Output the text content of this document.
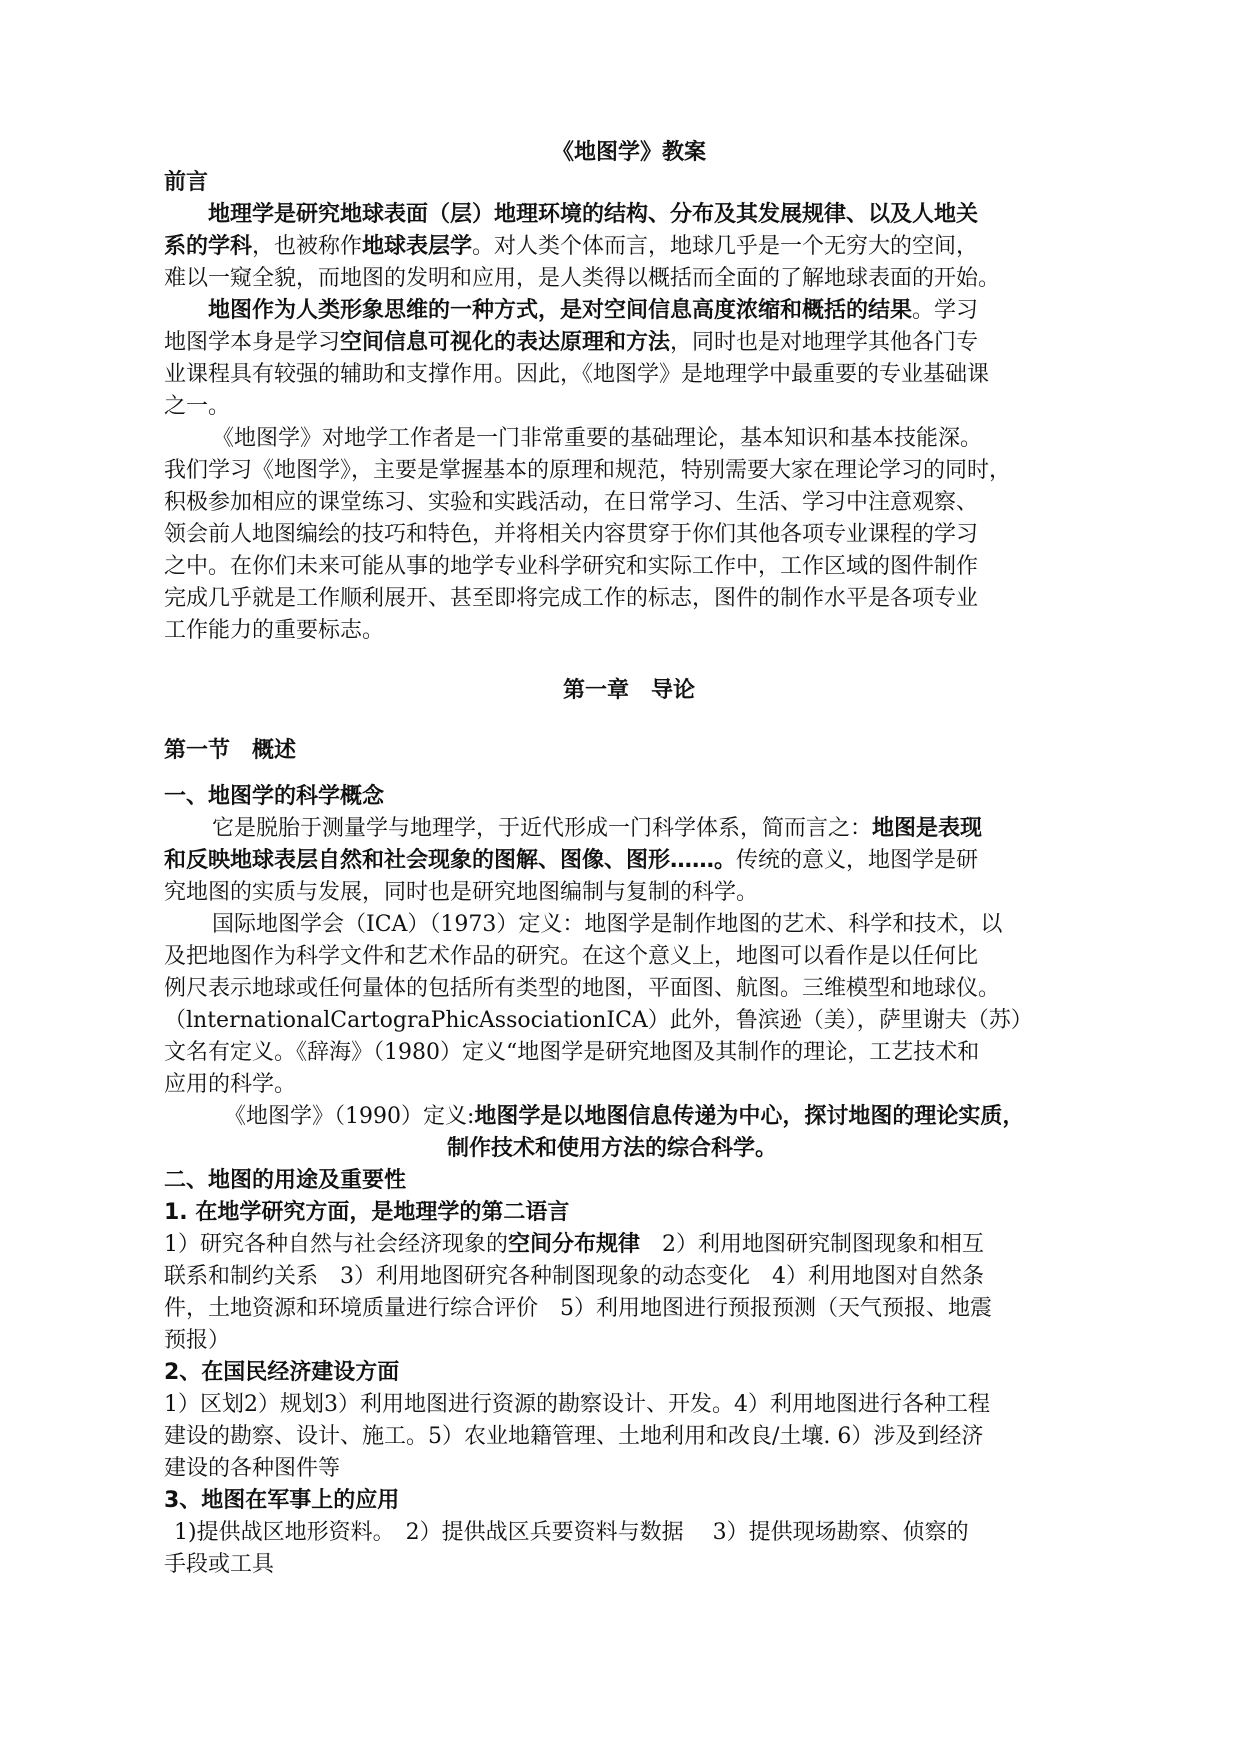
《地图学》教案
前言
地理学是研究地球表面（层）地理环境的结构、分布及其发展规律、以及人地关
系的学科，也被称作地球表层学。对人类个体而言，地球几乎是一个无穷大的空间，
难以一窥全貌，而地图的发明和应用，是人类得以概括而全面的了解地球表面的开始。
地图作为人类形象思维的一种方式，是对空间信息高度浓缩和概括的结果。学习
地图学本身是学习空间信息可视化的表达原理和方法，同时也是对地理学其他各门专
业课程具有较强的辅助和支撑作用。因此，《地图学》是地理学中最重要的专业基础课
之一。
《地图学》对地学工作者是一门非常重要的基础理论，基本知识和基本技能深。
我们学习《地图学》，主要是掌握基本的原理和规范，特别需要大家在理论学习的同时，
积极参加相应的课堂练习、实验和实践活动，在日常学习、生活、学习中注意观察、
领会前人地图编绘的技巧和特色，并将相关内容贯穿于你们其他各项专业课程的学习
之中。在你们未来可能从事的地学专业科学研究和实际工作中，工作区域的图件制作
完成几乎就是工作顺利展开、甚至即将完成工作的标志，图件的制作水平是各项专业
工作能力的重要标志。
第一章　导论
第一节　概述
一、地图学的科学概念
它是脱胎于测量学与地理学，于近代形成一门科学体系，简而言之：地图是表现
和反映地球表层自然和社会现象的图解、图像、图形……。传统的意义，地图学是研
究地图的实质与发展，同时也是研究地图编制与复制的科学。
国际地图学会（ICA）（1973）定义：地图学是制作地图的艺术、科学和技术，以
及把地图作为科学文件和艺术作品的研究。在这个意义上，地图可以看作是以任何比
例尺表示地球或任何量体的包括所有类型的地图，平面图、航图。三维模型和地球仪。
（lnternationalCartograPhicAssociationICA）此外，鲁滨逊（美），萨里谢夫（苏）
文名有定义。《辞海》（1980）定义“地图学是研究地图及其制作的理论，工艺技术和
应用的科学。
《地图学》（1990）定义:地图学是以地图信息传递为中心，探讨地图的理论实质，
制作技术和使用方法的综合科学。
二、地图的用途及重要性
1. 在地学研究方面，是地理学的第二语言
1）研究各种自然与社会经济现象的空间分布规律　2）利用地图研究制图现象和相互
联系和制约关系　3）利用地图研究各种制图现象的动态变化　4）利用地图对自然条
件，土地资源和环境质量进行综合评价　5）利用地图进行预报预测（天气预报、地震
预报）
2、在国民经济建设方面
1）区划2）规划3）利用地图进行资源的勘察设计、开发。4）利用地图进行各种工程
建设的勘察、设计、施工。5）农业地籍管理、土地利用和改良/土壤. 6）涉及到经济
建设的各种图件等
3、地图在军事上的应用
1)提供战区地形资料。　2）提供战区兵要资料与数据　 3）提供现场勘察、侦察的
手段或工具
